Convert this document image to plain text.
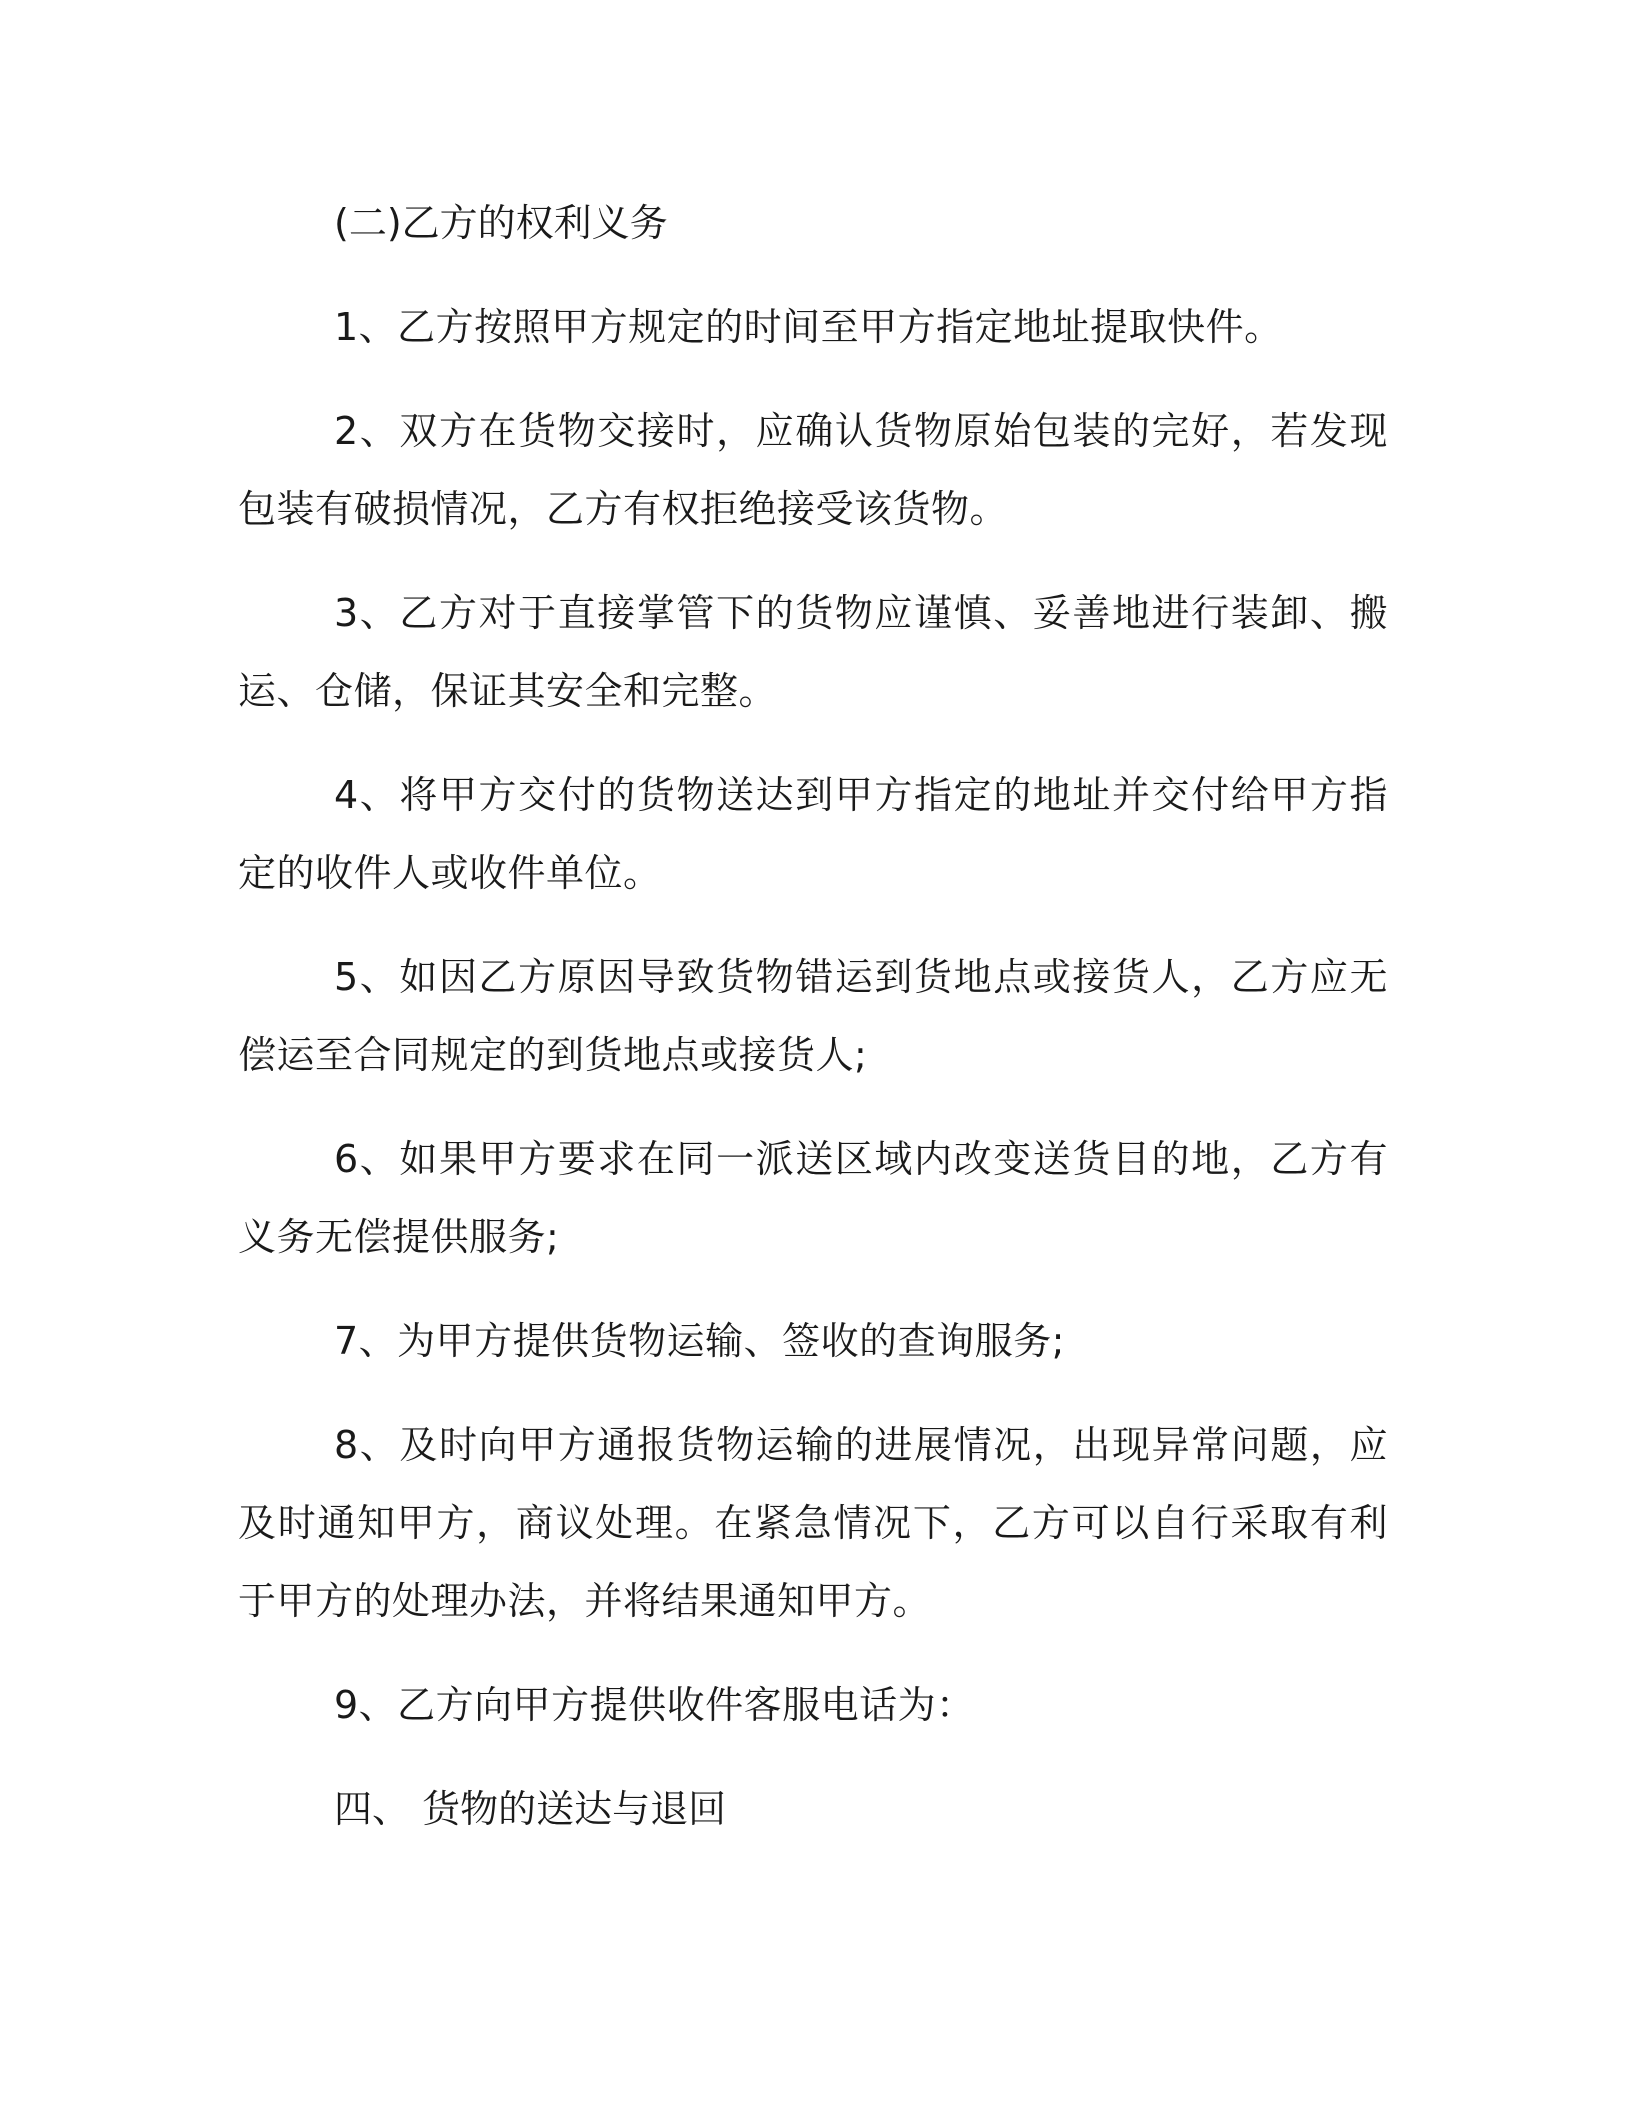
(二)乙方的权利义务

1、乙方按照甲方规定的时间至甲方指定地址提取快件。

2、双方在货物交接时，应确认货物原始包装的完好，若发现包装有破损情况，乙方有权拒绝接受该货物。

3、乙方对于直接掌管下的货物应谨慎、妥善地进行装卸、搬运、仓储，保证其安全和完整。

4、将甲方交付的货物送达到甲方指定的地址并交付给甲方指定的收件人或收件单位。

5、如因乙方原因导致货物错运到货地点或接货人，乙方应无偿运至合同规定的到货地点或接货人;

6、如果甲方要求在同一派送区域内改变送货目的地，乙方有义务无偿提供服务;

7、为甲方提供货物运输、签收的查询服务;

8、及时向甲方通报货物运输的进展情况，出现异常问题，应及时通知甲方，商议处理。在紧急情况下，乙方可以自行采取有利于甲方的处理办法，并将结果通知甲方。

9、乙方向甲方提供收件客服电话为：

四、 货物的送达与退回
